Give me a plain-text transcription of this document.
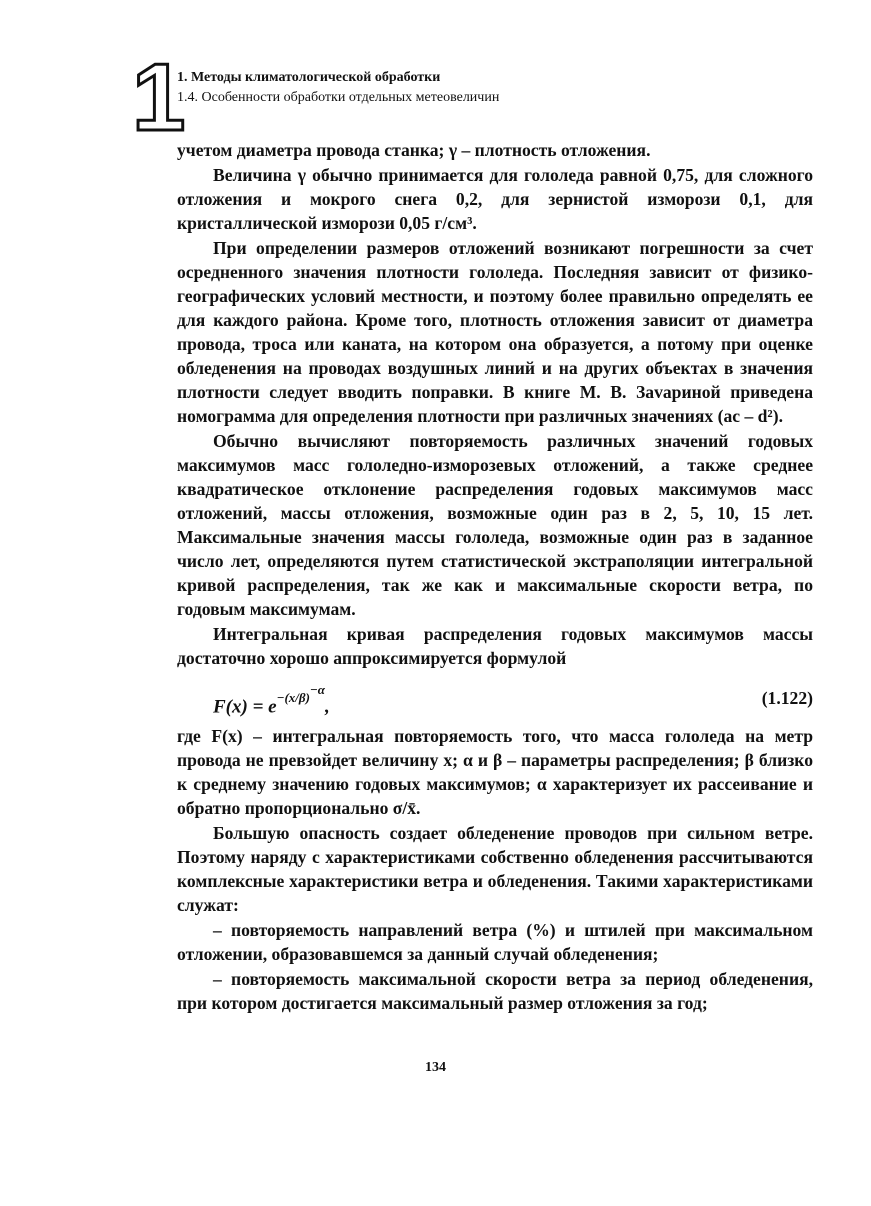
1
1. Методы климатологической обработки
1.4. Особенности обработки отдельных метеовеличин

учетом диаметра провода станка; γ – плотность отложения.

Величина γ обычно принимается для гололеда равной 0,75, для сложного отложения и мокрого снега 0,2, для зернистой изморози 0,1, для кристаллической изморози 0,05 г/см³.

При определении размеров отложений возникают погрешности за счет осредненного значения плотности гололеда. Последняя зависит от физико-географических условий местности, и поэтому более правильно определять ее для каждого района. Кроме того, плотность отложения зависит от диаметра провода, троса или каната, на котором она образуется, а потому при оценке обледенения на проводах воздушных линий и на других объектах в значения плотности следует вводить поправки. В книге М. В. Заvариной приведена номограмма для определения плотности при различных значениях (ac – d²).

Обычно вычисляют повторяемость различных значений годовых максимумов масс гололедно-изморозевых отложений, а также среднее квадратическое отклонение распределения годовых максимумов масс отложений, массы отложения, возможные один раз в 2, 5, 10, 15 лет. Максимальные значения массы гололеда, возможные один раз в заданное число лет, определяются путем статистической экстраполяции интегральной кривой распределения, так же как и максимальные скорости ветра, по годовым максимумам.

Интегральная кривая распределения годовых максимумов массы достаточно хорошо аппроксимируется формулой

$F(x) = e^{-(x/\beta)^{-\alpha}}$,	(1.122)

где F(x) – интегральная повторяемость того, что масса гололеда на метр провода не превзойдет величину x; α и β – параметры распределения; β близко к среднему значению годовых максимумов; α характеризует их рассеивание и обратно пропорционально σ/x̄.

Большую опасность создает обледенение проводов при сильном ветре. Поэтому наряду с характеристиками собственно обледенения рассчитываются комплексные характеристики ветра и обледенения. Такими характеристиками служат:

– повторяемость направлений ветра (%) и штилей при максимальном отложении, образовавшемся за данный случай обледенения;

– повторяемость максимальной скорости ветра за период обледенения, при котором достигается максимальный размер отложения за год;

134
